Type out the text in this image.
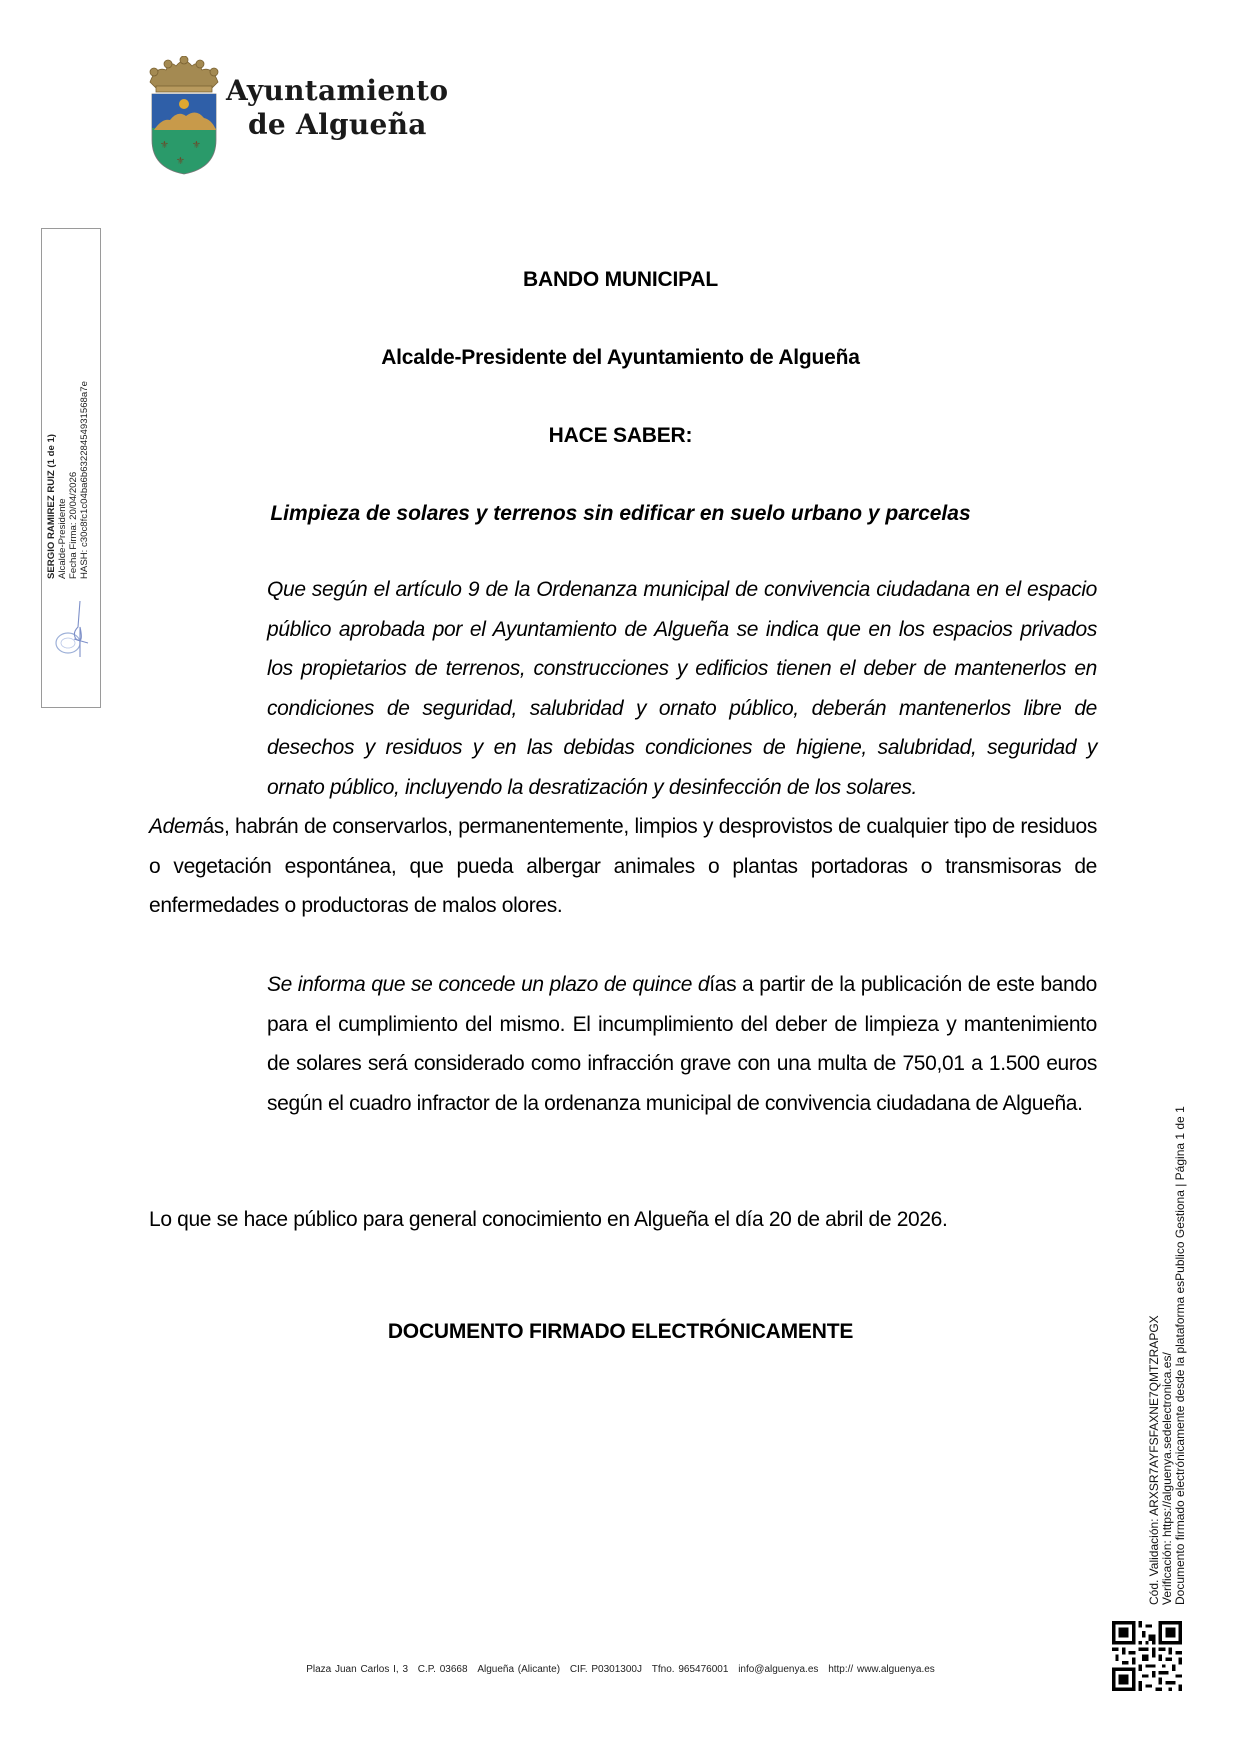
⚜ ⚜
⚜
Ayuntamiento
de Algueña
SERGIO RAMIREZ RUIZ (1 de 1) Alcalde-Presidente Fecha Firma: 20/04/2026 HASH: c30c8fc1c04ba6b63228454931568a7e
BANDO MUNICIPAL
Alcalde-Presidente del Ayuntamiento de Algueña
HACE SABER:
Limpieza de solares y terrenos sin edificar en suelo urbano y parcelas

Que según el artículo 9 de la Ordenanza municipal de convivencia ciudadana en el espacio público aprobada por el Ayuntamiento de Algueña se indica que en los espacios privados los propietarios de terrenos, construcciones y edificios tienen el deber de mantenerlos en condiciones de seguridad, salubridad y ornato público, deberán mantenerlos libre de desechos y residuos y en las debidas condiciones de higiene, salubridad, seguridad y ornato público, incluyendo la desratización y desinfección de los solares.

Además, habrán de conservarlos, permanentemente, limpios y desprovistos de cualquier tipo de residuos o vegetación espontánea, que pueda albergar animales o plantas portadoras o transmisoras de enfermedades o productoras de malos olores.

Se informa que se concede un plazo de quince días a partir de la publicación de este bando para el cumplimiento del mismo. El incumplimiento del deber de limpieza y mantenimiento de solares será considerado como infracción grave con una multa de 750,01 a 1.500 euros según el cuadro infractor de la ordenanza municipal de convivencia ciudadana de Algueña.

Lo que se hace público para general conocimiento en Algueña el día 20 de abril de 2026.
DOCUMENTO FIRMADO ELECTRÓNICAMENTE	Cód. Validación: ARXSR7AYFSFAXNE7QMTZRAPGX Verificación: https://alguenya.sedelectronica.es/ Documento firmado electrónicamente desde la plataforma esPublico Gestiona | Página 1 de 1
Plaza Juan Carlos I, 3 C.P. 03668 Algueña (Alicante) CIF. P0301300J Tfno. 965476001 info@alguenya.es http:// www.alguenya.es
